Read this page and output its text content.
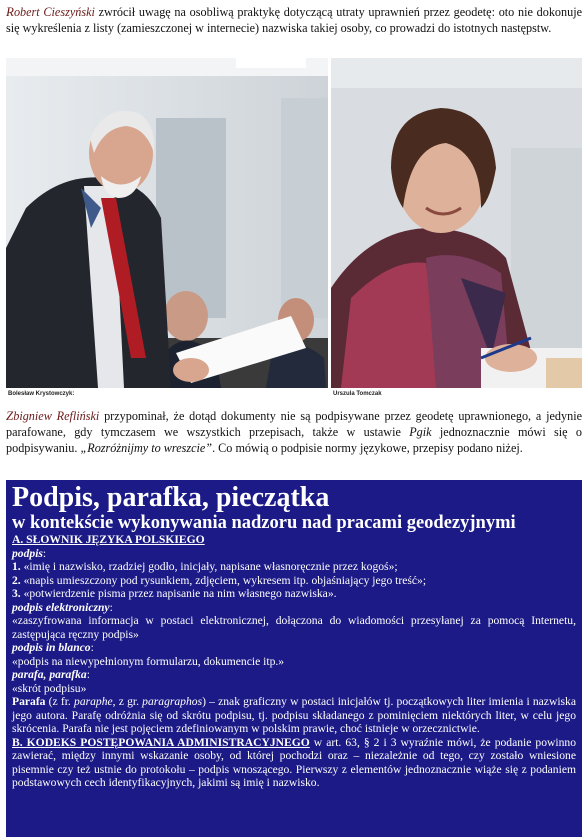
Robert Cieszyński zwrócił uwagę na osobliwą praktykę dotyczącą utraty uprawnień przez geodetę: oto nie dokonuje się wykreślenia z listy (zamieszczonej w internecie) nazwiska takiej osoby, co prowadzi do istotnych następstw.

Bolesław Krystowczyk:	Urszula Tomczak

Zbigniew Refliński przypominał, że dotąd dokumenty nie są podpisywane przez geodetę uprawnionego, a jedynie parafowane, gdy tymczasem we wszystkich przepisach, także w ustawie Pgik jednoznacznie mówi się o podpisywaniu. „Rozróżnijmy to wreszcie”. Co mówią o podpisie normy językowe, przepisy podano niżej.

Podpis, parafka, pieczątka

w kontekście wykonywania nadzoru nad pracami geodezyjnymi

A. SŁOWNIK JĘZYKA POLSKIEGO

podpis:

1. «imię i nazwisko, rzadziej godło, inicjały, napisane własnoręcznie przez kogoś»;

2. «napis umieszczony pod rysunkiem, zdjęciem, wykresem itp. objaśniający jego treść»;

3. «potwierdzenie pisma przez napisanie na nim własnego nazwiska».

podpis elektroniczny:

«zaszyfrowana informacja w postaci elektronicznej, dołączona do wiadomości przesyłanej za pomocą Internetu, zastępująca ręczny podpis»

podpis in blanco:

«podpis na niewypełnionym formularzu, dokumencie itp.»

parafa, parafka:

«skrót podpisu»

Parafa (z fr. paraphe, z gr. paragraphos) – znak graficzny w postaci inicjałów tj. początkowych liter imienia i nazwiska jego autora. Parafę odróżnia się od skrótu podpisu, tj. podpisu składanego z pominięciem niektórych liter, w celu jego skrócenia. Parafa nie jest pojęciem zdefiniowanym w polskim prawie, choć istnieje w orzecznictwie.

B. KODEKS POSTĘPOWANIA ADMINISTRACYJNEGO w art. 63, § 2 i 3 wyraźnie mówi, że podanie powinno zawierać, między innymi wskazanie osoby, od której pochodzi oraz – niezależnie od tego, czy zostało wniesione pisemnie czy też ustnie do protokołu – podpis wnoszącego. Pierwszy z elementów jednoznacznie wiąże się z podaniem podstawowych cech identyfikacyjnych, jakimi są imię i nazwisko.
